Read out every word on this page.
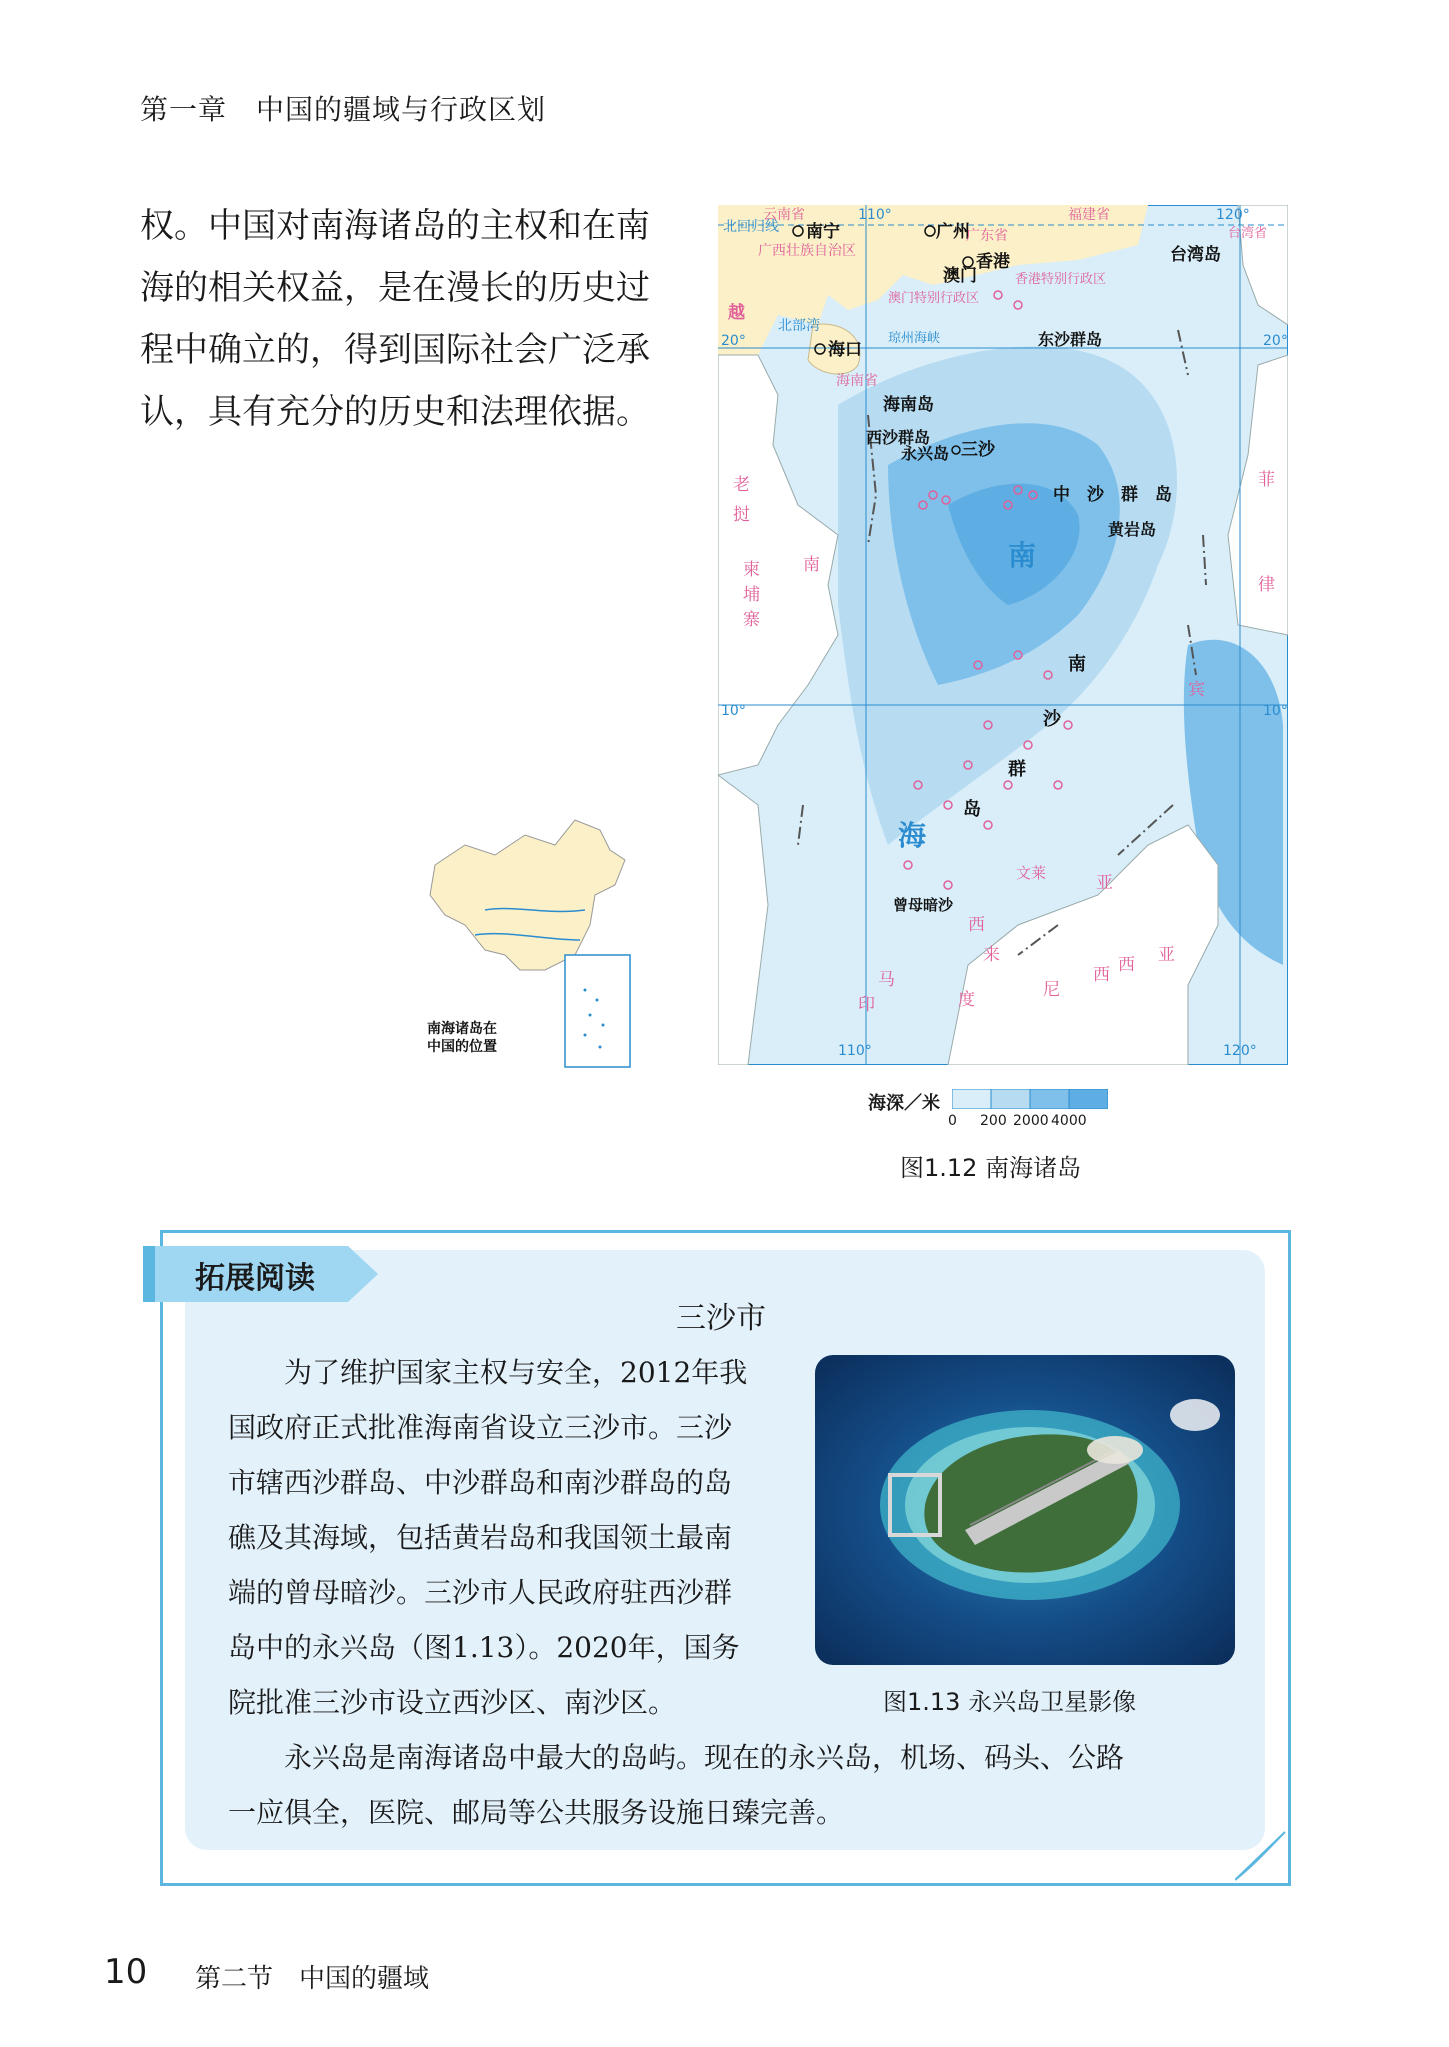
第一章　中国的疆域与行政区划
权。中国对南海诸岛的主权和在南
海的相关权益，是在漫长的历史过
程中确立的，得到国际社会广泛承
认，具有充分的历史和法理依据。
云南省	福建省
北回归线
110°	120°
南宁	广州
广东省
广西壮族自治区
香港
澳门	香港特别行政区
澳门特别行政区
台湾省
台湾岛
越
北部湾
琼州海峡
20°	20°
海口
海南省
海南岛
东沙群岛
西沙群岛
永兴岛 三沙
中　沙　群　岛
黄岩岛
老
挝
柬
埔
寨
南
菲
律
宾
南
海
南
沙
群
岛
10°	10°
文莱
曾母暗沙
西
亚
来
马	西
亚
印	度	尼
西
110°	120°
海深／米
0 200 2000 4000
图1.12 南海诸岛
南海诸岛在
中国的位置
拓展阅读
三沙市
　　为了维护国家主权与安全，2012年我
国政府正式批准海南省设立三沙市。三沙
市辖西沙群岛、中沙群岛和南沙群岛的岛
礁及其海域，包括黄岩岛和我国领土最南
端的曾母暗沙。三沙市人民政府驻西沙群
岛中的永兴岛（图1.13）。2020年，国务
院批准三沙市设立西沙区、南沙区。	图1.13 永兴岛卫星影像
　　永兴岛是南海诸岛中最大的岛屿。现在的永兴岛，机场、码头、公路
一应俱全，医院、邮局等公共服务设施日臻完善。
10 第二节　中国的疆域
